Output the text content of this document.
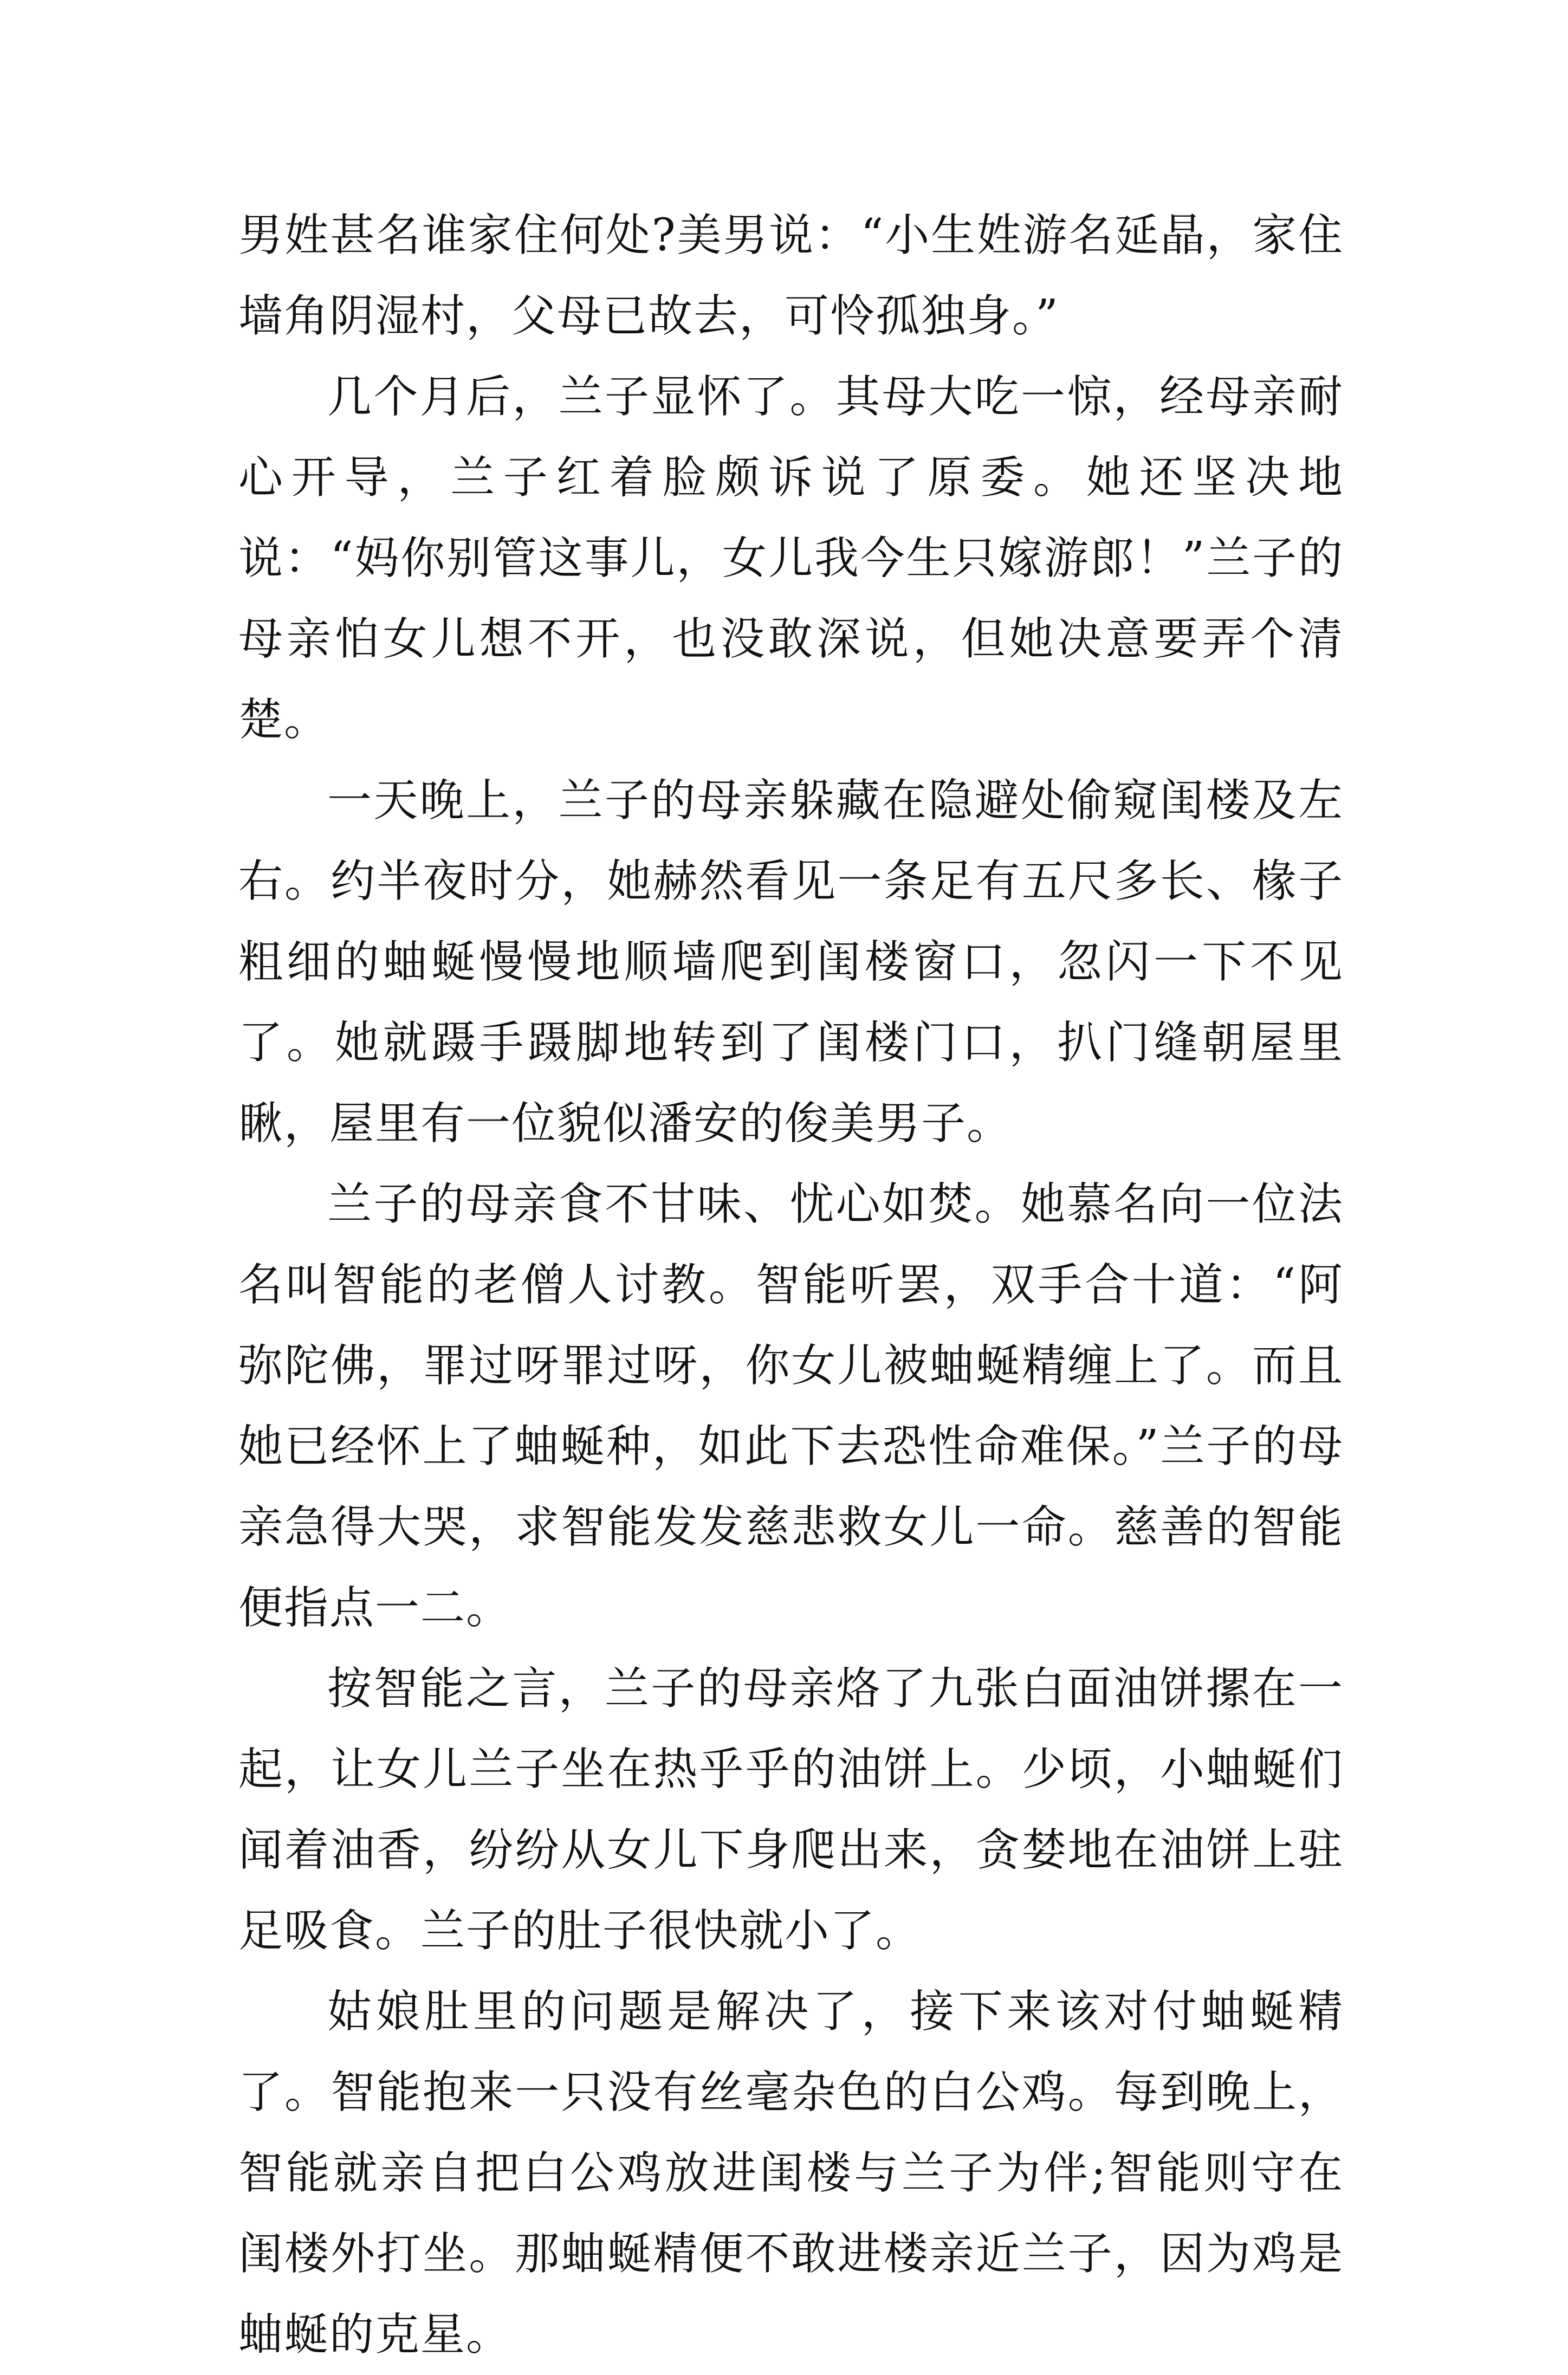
男姓甚名谁家住何处?美男说：“小生姓游名延晶，家住墙角阴湿村，父母已故去，可怜孤独身。”

几个月后，兰子显怀了。其母大吃一惊，经母亲耐心开导，兰子红着脸颇诉说了原委。她还坚决地说：“妈你别管这事儿，女儿我今生只嫁游郎！”兰子的母亲怕女儿想不开，也没敢深说，但她决意要弄个清楚。

一天晚上，兰子的母亲躲藏在隐避处偷窥闺楼及左右。约半夜时分，她赫然看见一条足有五尺多长、椽子粗细的蚰蜒慢慢地顺墙爬到闺楼窗口，忽闪一下不见了。她就蹑手蹑脚地转到了闺楼门口，扒门缝朝屋里瞅，屋里有一位貌似潘安的俊美男子。

兰子的母亲食不甘味、忧心如焚。她慕名向一位法名叫智能的老僧人讨教。智能听罢，双手合十道：“阿弥陀佛，罪过呀罪过呀，你女儿被蚰蜒精缠上了。而且她已经怀上了蚰蜒种，如此下去恐性命难保。”兰子的母亲急得大哭，求智能发发慈悲救女儿一命。慈善的智能便指点一二。

按智能之言，兰子的母亲烙了九张白面油饼摞在一起，让女儿兰子坐在热乎乎的油饼上。少顷，小蚰蜒们闻着油香，纷纷从女儿下身爬出来，贪婪地在油饼上驻足吸食。兰子的肚子很快就小了。

姑娘肚里的问题是解决了，接下来该对付蚰蜒精了。智能抱来一只没有丝毫杂色的白公鸡。每到晚上，智能就亲自把白公鸡放进闺楼与兰子为伴;智能则守在闺楼外打坐。那蚰蜒精便不敢进楼亲近兰子，因为鸡是蚰蜒的克星。
